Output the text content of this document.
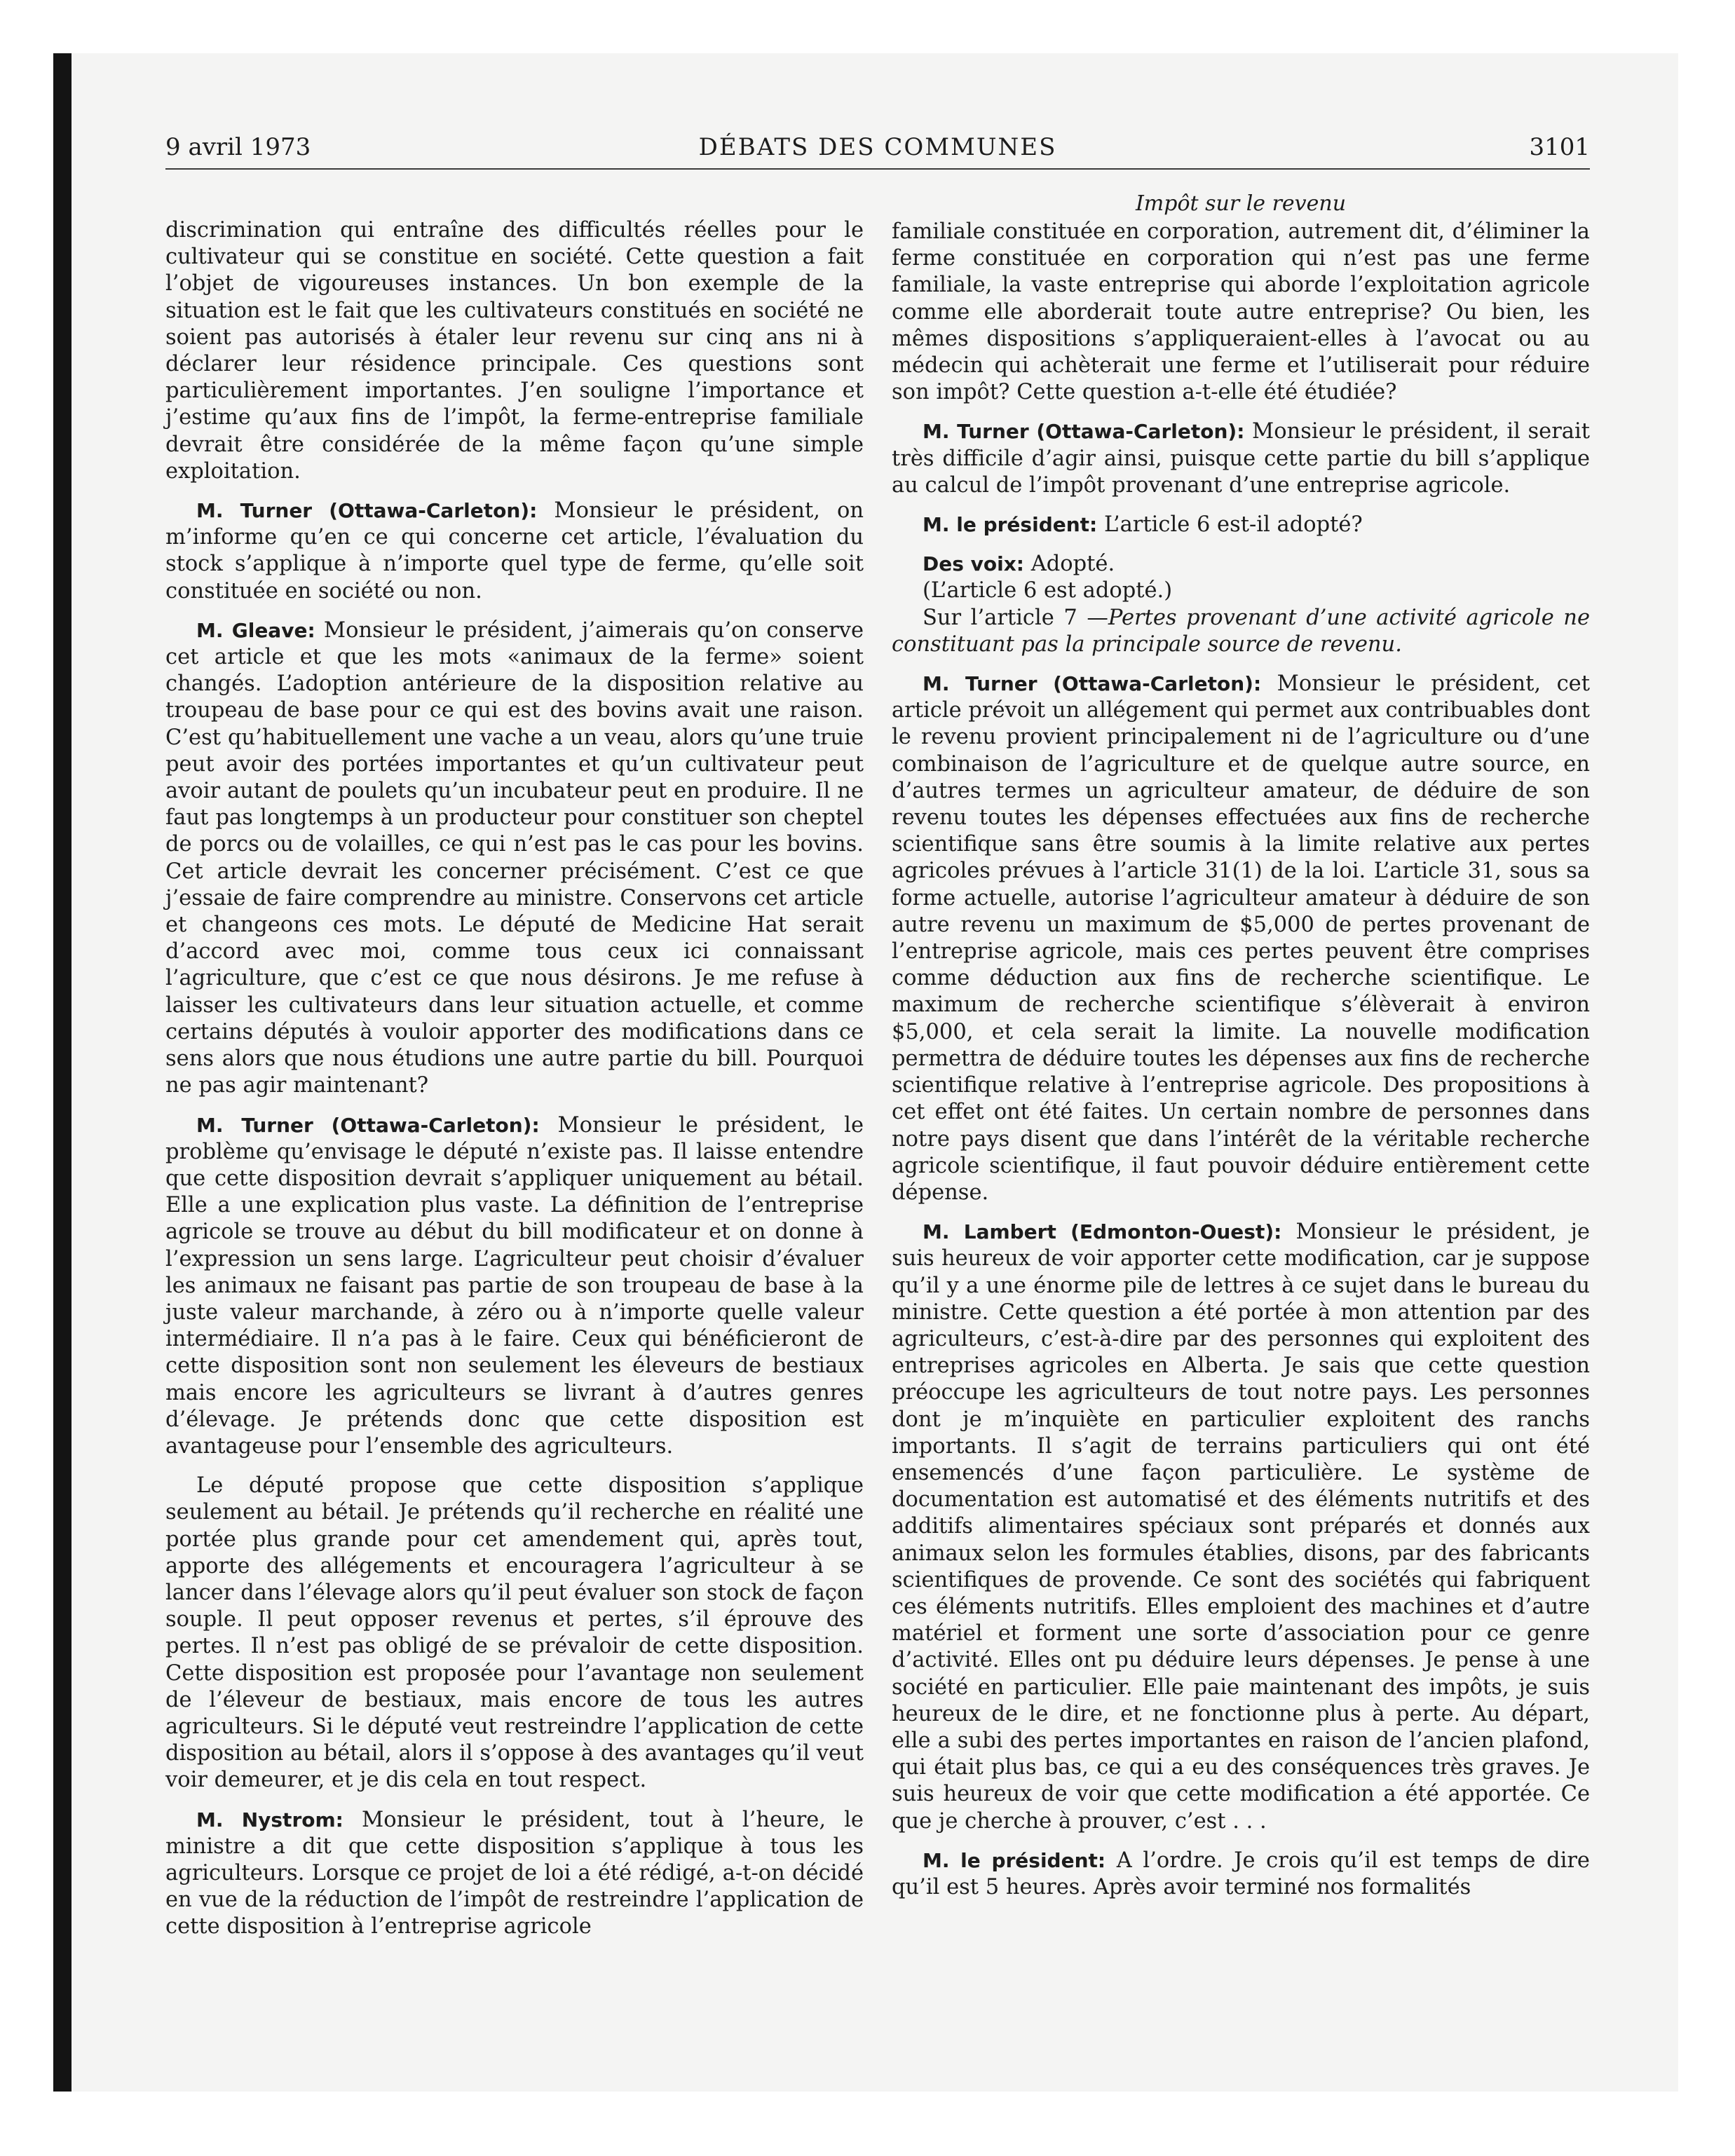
9 avril 1973	DÉBATS DES COMMUNES	3101

discrimination qui entraîne des difficultés réelles pour le cultivateur qui se constitue en société. Cette question a fait l’objet de vigoureuses instances. Un bon exemple de la situation est le fait que les cultivateurs constitués en société ne soient pas autorisés à étaler leur revenu sur cinq ans ni à déclarer leur résidence principale. Ces questions sont particulièrement importantes. J’en souligne l’importance et j’estime qu’aux fins de l’impôt, la ferme-entreprise familiale devrait être considérée de la même façon qu’une simple exploitation.

M. Turner (Ottawa-Carleton): Monsieur le président, on m’informe qu’en ce qui concerne cet article, l’évaluation du stock s’applique à n’importe quel type de ferme, qu’elle soit constituée en société ou non.

M. Gleave: Monsieur le président, j’aimerais qu’on conserve cet article et que les mots «animaux de la ferme» soient changés. L’adoption antérieure de la disposition relative au troupeau de base pour ce qui est des bovins avait une raison. C’est qu’habituellement une vache a un veau, alors qu’une truie peut avoir des portées importantes et qu’un cultivateur peut avoir autant de poulets qu’un incubateur peut en produire. Il ne faut pas longtemps à un producteur pour constituer son cheptel de porcs ou de volailles, ce qui n’est pas le cas pour les bovins. Cet article devrait les concerner précisément. C’est ce que j’essaie de faire comprendre au ministre. Conservons cet article et changeons ces mots. Le député de Medicine Hat serait d’accord avec moi, comme tous ceux ici connaissant l’agriculture, que c’est ce que nous désirons. Je me refuse à laisser les cultivateurs dans leur situation actuelle, et comme certains députés à vouloir apporter des modifications dans ce sens alors que nous étudions une autre partie du bill. Pourquoi ne pas agir maintenant?

M. Turner (Ottawa-Carleton): Monsieur le président, le problème qu’envisage le député n’existe pas. Il laisse entendre que cette disposition devrait s’appliquer uniquement au bétail. Elle a une explication plus vaste. La définition de l’entreprise agricole se trouve au début du bill modificateur et on donne à l’expression un sens large. L’agriculteur peut choisir d’évaluer les animaux ne faisant pas partie de son troupeau de base à la juste valeur marchande, à zéro ou à n’importe quelle valeur intermédiaire. Il n’a pas à le faire. Ceux qui bénéficieront de cette disposition sont non seulement les éleveurs de bestiaux mais encore les agriculteurs se livrant à d’autres genres d’élevage. Je prétends donc que cette disposition est avantageuse pour l’ensemble des agriculteurs.

Le député propose que cette disposition s’applique seulement au bétail. Je prétends qu’il recherche en réalité une portée plus grande pour cet amendement qui, après tout, apporte des allégements et encouragera l’agriculteur à se lancer dans l’élevage alors qu’il peut évaluer son stock de façon souple. Il peut opposer revenus et pertes, s’il éprouve des pertes. Il n’est pas obligé de se prévaloir de cette disposition. Cette disposition est proposée pour l’avantage non seulement de l’éleveur de bestiaux, mais encore de tous les autres agriculteurs. Si le député veut restreindre l’application de cette disposition au bétail, alors il s’oppose à des avantages qu’il veut voir demeurer, et je dis cela en tout respect.

M. Nystrom: Monsieur le président, tout à l’heure, le ministre a dit que cette disposition s’applique à tous les agriculteurs. Lorsque ce projet de loi a été rédigé, a-t-on décidé en vue de la réduction de l’impôt de restreindre l’application de cette disposition à l’entreprise agricole

Impôt sur le revenu

familiale constituée en corporation, autrement dit, d’éliminer la ferme constituée en corporation qui n’est pas une ferme familiale, la vaste entreprise qui aborde l’exploitation agricole comme elle aborderait toute autre entreprise? Ou bien, les mêmes dispositions s’appliqueraient-elles à l’avocat ou au médecin qui achèterait une ferme et l’utiliserait pour réduire son impôt? Cette question a-t-elle été étudiée?

M. Turner (Ottawa-Carleton): Monsieur le président, il serait très difficile d’agir ainsi, puisque cette partie du bill s’applique au calcul de l’impôt provenant d’une entreprise agricole.

M. le président: L’article 6 est-il adopté?

Des voix: Adopté.

(L’article 6 est adopté.)

Sur l’article 7 —Pertes provenant d’une activité agricole ne constituant pas la principale source de revenu.

M. Turner (Ottawa-Carleton): Monsieur le président, cet article prévoit un allégement qui permet aux contribuables dont le revenu provient principalement ni de l’agriculture ou d’une combinaison de l’agriculture et de quelque autre source, en d’autres termes un agriculteur amateur, de déduire de son revenu toutes les dépenses effectuées aux fins de recherche scientifique sans être soumis à la limite relative aux pertes agricoles prévues à l’article 31(1) de la loi. L’article 31, sous sa forme actuelle, autorise l’agriculteur amateur à déduire de son autre revenu un maximum de $5,000 de pertes provenant de l’entreprise agricole, mais ces pertes peuvent être comprises comme déduction aux fins de recherche scientifique. Le maximum de recherche scientifique s’élèverait à environ $5,000, et cela serait la limite. La nouvelle modification permettra de déduire toutes les dépenses aux fins de recherche scientifique relative à l’entreprise agricole. Des propositions à cet effet ont été faites. Un certain nombre de personnes dans notre pays disent que dans l’intérêt de la véritable recherche agricole scientifique, il faut pouvoir déduire entièrement cette dépense.

M. Lambert (Edmonton-Ouest): Monsieur le président, je suis heureux de voir apporter cette modification, car je suppose qu’il y a une énorme pile de lettres à ce sujet dans le bureau du ministre. Cette question a été portée à mon attention par des agriculteurs, c’est-à-dire par des personnes qui exploitent des entreprises agricoles en Alberta. Je sais que cette question préoccupe les agriculteurs de tout notre pays. Les personnes dont je m’inquiète en particulier exploitent des ranchs importants. Il s’agit de terrains particuliers qui ont été ensemencés d’une façon particulière. Le système de documentation est automatisé et des éléments nutritifs et des additifs alimentaires spéciaux sont préparés et donnés aux animaux selon les formules établies, disons, par des fabricants scientifiques de provende. Ce sont des sociétés qui fabriquent ces éléments nutritifs. Elles emploient des machines et d’autre matériel et forment une sorte d’association pour ce genre d’activité. Elles ont pu déduire leurs dépenses. Je pense à une société en particulier. Elle paie maintenant des impôts, je suis heureux de le dire, et ne fonctionne plus à perte. Au départ, elle a subi des pertes importantes en raison de l’ancien plafond, qui était plus bas, ce qui a eu des conséquences très graves. Je suis heureux de voir que cette modification a été apportée. Ce que je cherche à prouver, c’est . . .

M. le président: A l’ordre. Je crois qu’il est temps de dire qu’il est 5 heures. Après avoir terminé nos formalités
